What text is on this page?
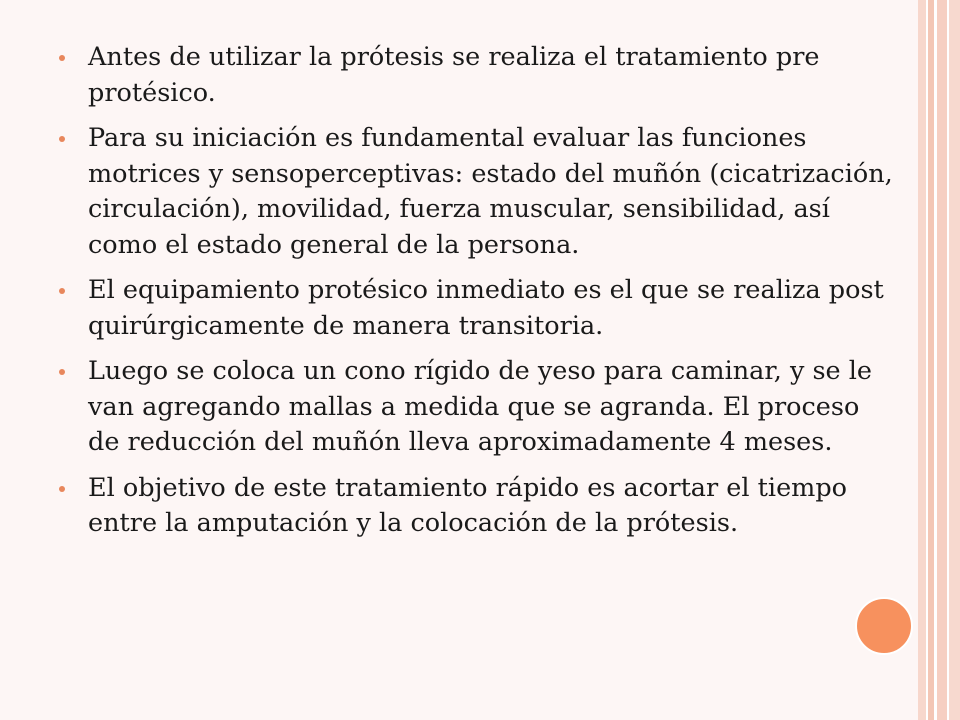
Antes de utilizar la prótesis se realiza el tratamiento pre protésico.
Para su iniciación es fundamental evaluar las funciones motrices y sensoperceptivas: estado del muñón (cicatrización, circulación), movilidad, fuerza muscular, sensibilidad, así como el estado general de la persona.
El equipamiento protésico inmediato es el que se realiza post quirúrgicamente de manera transitoria.
Luego se coloca un cono rígido de yeso para caminar, y se le van agregando mallas a medida que se agranda. El proceso de reducción del muñón lleva aproximadamente 4 meses.
El objetivo de este tratamiento rápido es acortar el tiempo entre la amputación y la colocación de la prótesis.
